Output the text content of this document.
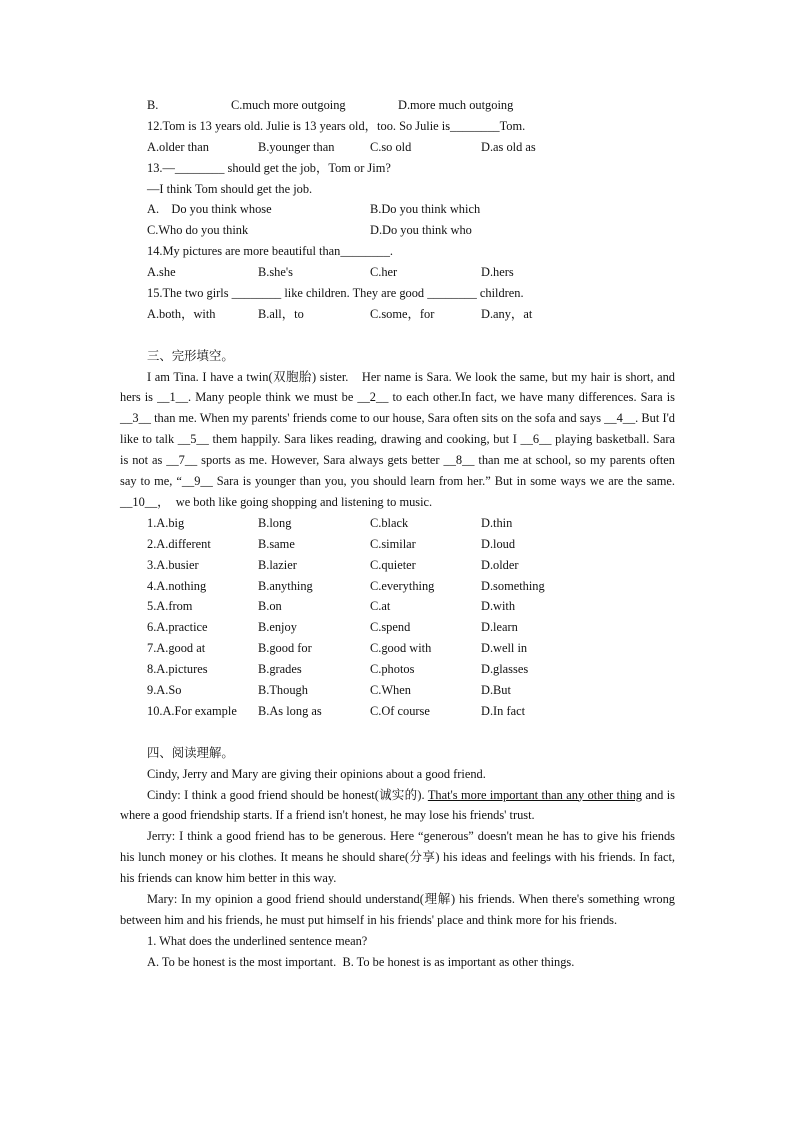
B.	C.much more outgoing	D.more much outgoing
12.Tom is 13 years old. Julie is 13 years old，too. So Julie is________Tom.
A.older than	B.younger than	C.so old	D.as old as
13.—________ should get the job，Tom or Jim?
—I think Tom should get the job.
A.　Do you think whose	B.Do you think which
C.Who do you think	D.Do you think who
14.My pictures are more beautiful than________.
A.she	B.she's	C.her	D.hers
15.The two girls ________ like children. They are good ________ children.
A.both，with	B.all，to	C.some，for	D.any，at
三、完形填空。
I am Tina. I have a twin(双胞胎) sister.　Her name is Sara. We look the same, but my hair is short, and hers is __1__. Many people think we must be __2__ to each other.In fact, we have many differences. Sara is __3__ than me. When my parents' friends come to our house, Sara often sits on the sofa and says __4__. But I'd like to talk __5__ them happily. Sara likes reading, drawing and cooking, but I __6__ playing basketball. Sara is not as __7__ sports as me. However, Sara always gets better __8__ than me at school, so my parents often say to me, “__9__ Sara is younger than you, you should learn from her.” But in some ways we are the same. __10__，　we both like going shopping and listening to music.
1.A.big	B.long	C.black	D.thin
2.A.different	B.same	C.similar	D.loud
3.A.busier	B.lazier	C.quieter	D.older
4.A.nothing	B.anything	C.everything	D.something
5.A.from	B.on	C.at	D.with
6.A.practice	B.enjoy	C.spend	D.learn
7.A.good at	B.good for	C.good with	D.well in
8.A.pictures	B.grades	C.photos	D.glasses
9.A.So	B.Though	C.When	D.But
10.A.For example	B.As long as	C.Of course	D.In fact
四、阅读理解。
Cindy, Jerry and Mary are giving their opinions about a good friend.
Cindy: I think a good friend should be honest(诚实的). That's more important than any other thing and is where a good friendship starts. If a friend isn't honest, he may lose his friends' trust.
Jerry: I think a good friend has to be generous. Here “generous” doesn't mean he has to give his friends his lunch money or his clothes. It means he should share(分享) his ideas and feelings with his friends. In fact, his friends can know him better in this way.
Mary: In my opinion a good friend should understand(理解) his friends. When there's something wrong between him and his friends, he must put himself in his friends' place and think more for his friends.
1. What does the underlined sentence mean?
A. To be honest is the most important. B. To be honest is as important as other things.
